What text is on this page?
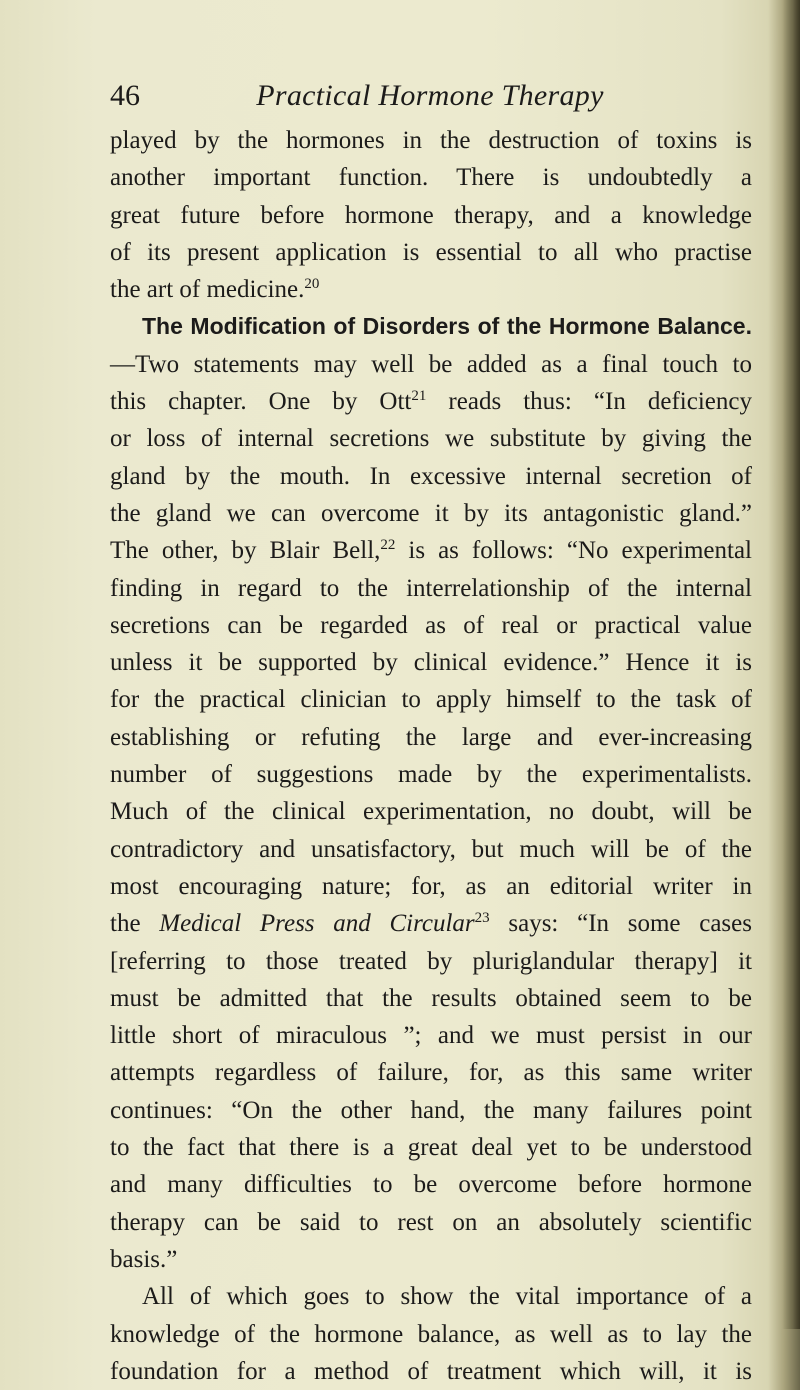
46	Practical Hormone Therapy
played by the hormones in the destruction of toxins is
another important function. There is undoubtedly a
great future before hormone therapy, and a knowledge
of its present application is essential to all who practise
the art of medicine.$^{20}$
The Modification of Disorders of the Hormone Balance.
—Two statements may well be added as a final touch to
this chapter. One by Ott$^{21}$ reads thus: “In deficiency
or loss of internal secretions we substitute by giving the
gland by the mouth. In excessive internal secretion of
the gland we can overcome it by its antagonistic gland.”
The other, by Blair Bell,$^{22}$ is as follows: “No experimental
finding in regard to the interrelationship of the internal
secretions can be regarded as of real or practical value
unless it be supported by clinical evidence.” Hence it is
for the practical clinician to apply himself to the task of
establishing or refuting the large and ever-increasing
number of suggestions made by the experimentalists.
Much of the clinical experimentation, no doubt, will be
contradictory and unsatisfactory, but much will be of the
most encouraging nature; for, as an editorial writer in
the Medical Press and Circular$^{23}$ says: “In some cases
[referring to those treated by pluriglandular therapy] it
must be admitted that the results obtained seem to be
little short of miraculous ”; and we must persist in our
attempts regardless of failure, for, as this same writer
continues: “On the other hand, the many failures point
to the fact that there is a great deal yet to be understood
and many difficulties to be overcome before hormone
therapy can be said to rest on an absolutely scientific
basis.”
All of which goes to show the vital importance of a
knowledge of the hormone balance, as well as to lay the
foundation for a method of treatment which will, it is
